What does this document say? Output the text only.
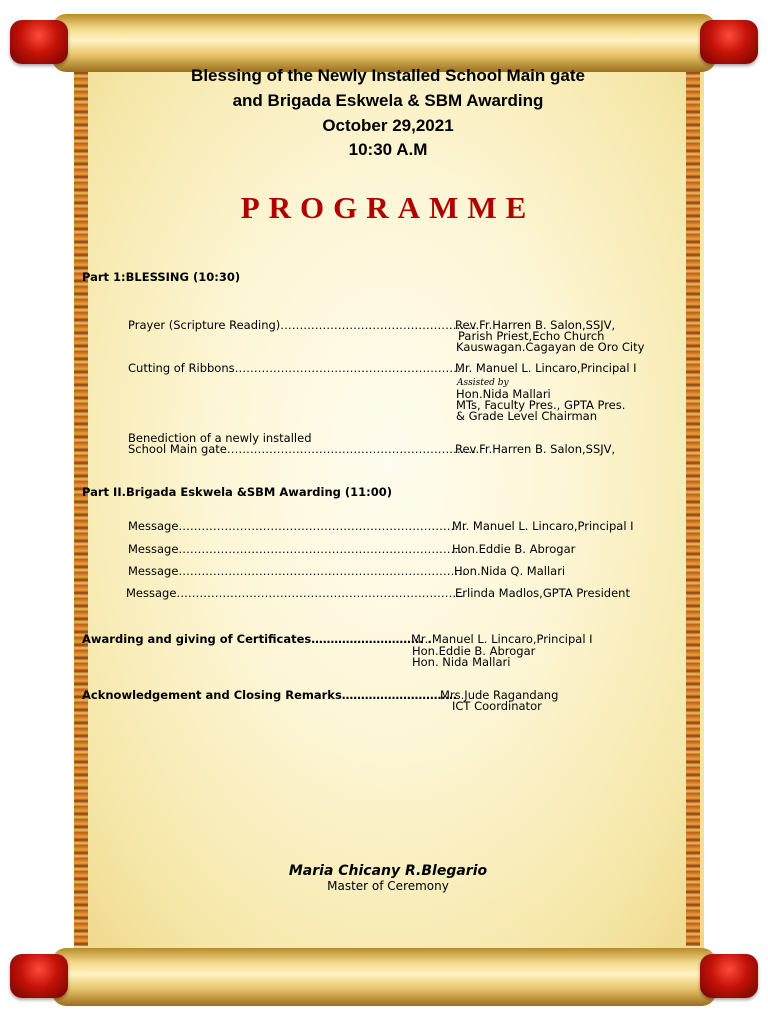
Blessing of the Newly Installed School Main gate
and Brigada Eskwela & SBM Awarding
October 29,2021
10:30 A.M
PROGRAMME
Part 1:BLESSING (10:30)
Prayer (Scripture Reading)……………………………………………
Rev.Fr.Harren B. Salon,SSJV,
Parish Priest,Echo Church
Kauswagan.Cagayan de Oro City
Cutting of Ribbons……………………………………………………
Mr. Manuel L. Lincaro,Principal I
Assisted by
Hon.Nida Mallari
MTs, Faculty Pres., GPTA Pres.
& Grade Level Chairman
Benediction of a newly installed
School Main gate………………………………………………………..
Rev.Fr.Harren B. Salon,SSJV,
Part II.Brigada Eskwela &SBM Awarding (11:00)
Message…………………………………………………………………
Mr. Manuel L. Lincaro,Principal I
Message…………………………………………………………………
Hon.Eddie B. Abrogar
Message…………………………………………………………………
Hon.Nida Q. Mallari
Message…………………………………………………………………
Erlinda Madlos,GPTA President
Awarding and giving of Certificates……………………….. .
Mr. Manuel L. Lincaro,Principal I
Hon.Eddie B. Abrogar
Hon. Nida Mallari
Acknowledgement and Closing Remarks…………………………
Mrs.Jude Ragandang
ICT Coordinator
Maria Chicany R.Blegario
Master of Ceremony
